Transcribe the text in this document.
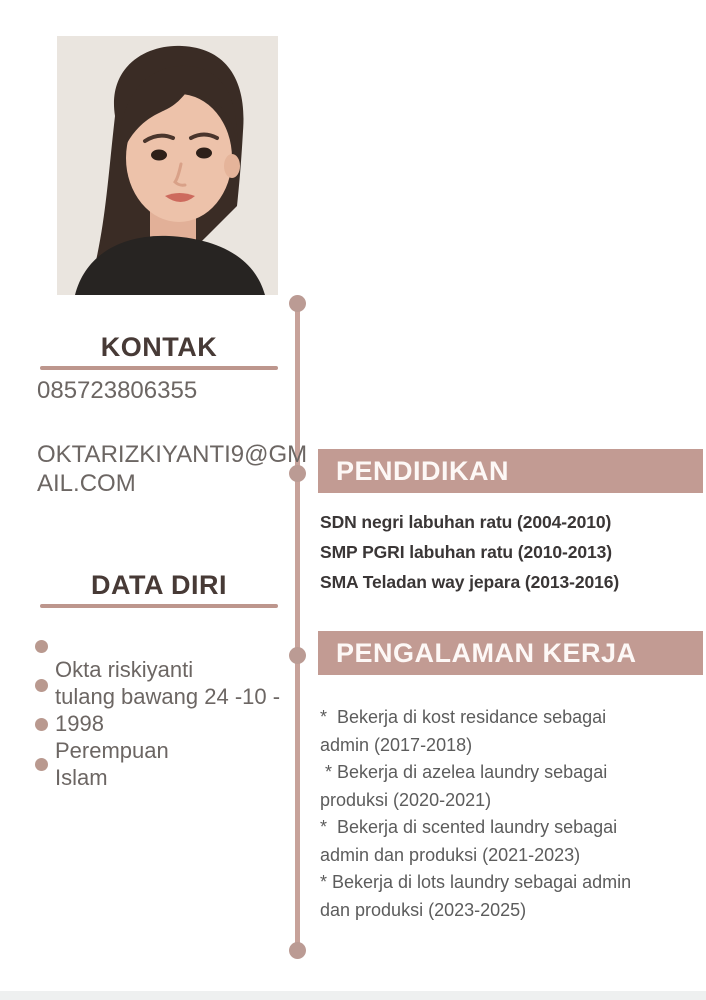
KONTAK
085723806355
OKTARIZKIYANTI9@GMAIL.COM
DATA DIRI

Okta riskiyanti

tulang bawang 24 -10 - 1998

Perempuan

Islam

PENDIDIKAN

SDN negri labuhan ratu (2004-2010)

SMP PGRI labuhan ratu (2010-2013)

SMA Teladan way jepara (2013-2016)

PENGALAMAN KERJA

*  Bekerja di kost residance sebagai admin (2017-2018)

* Bekerja di azelea laundry sebagai produksi (2020-2021)

*  Bekerja di scented laundry sebagai admin dan produksi (2021-2023)

* Bekerja di lots laundry sebagai admin dan produksi (2023-2025)
